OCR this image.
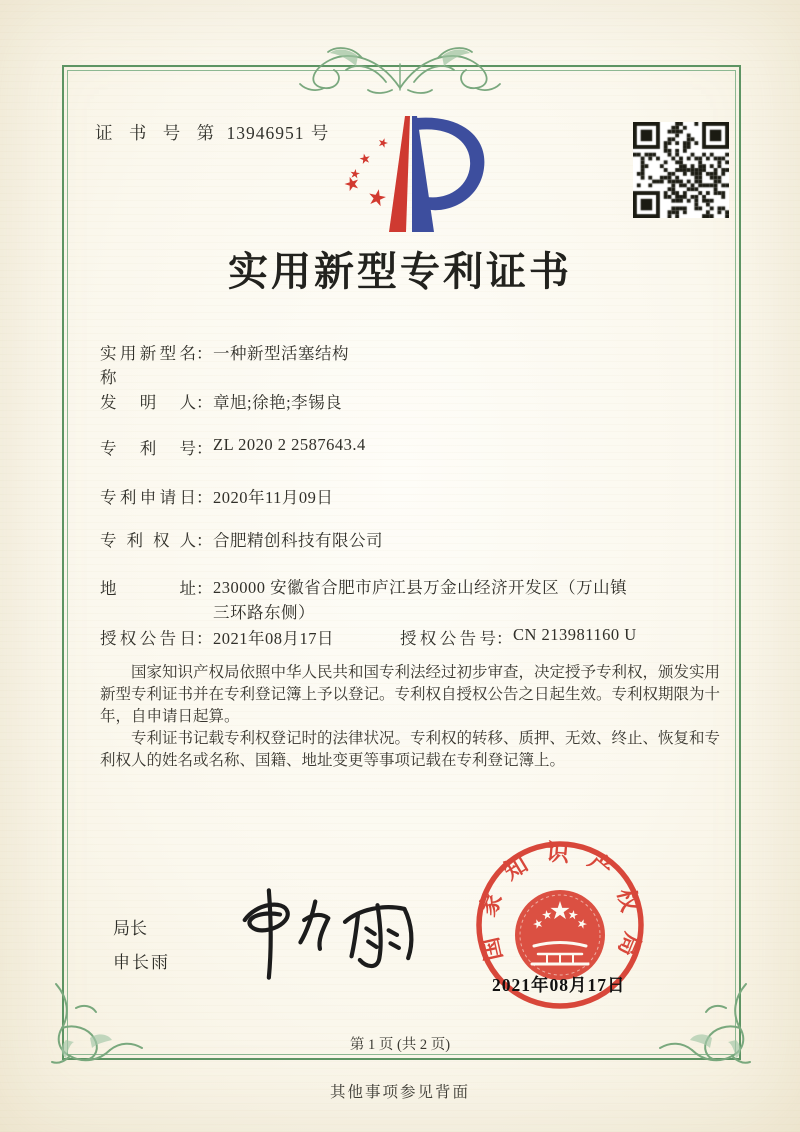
证 书 号 第 13946951 号
实用新型专利证书
实用新型名称
： 一种新型活塞结构
发明人 ： 章旭;徐艳;李锡良
专利号 ： ZL 2020 2 2587643.4
专利申请日 ： 2020年11月09日
专利权人 ： 合肥精创科技有限公司
地址 ： 230000 安徽省合肥市庐江县万金山经济开发区（万山镇三环路东侧）
授权公告日 ： 2021年08月17日	授权公告号 ： CN 213981160 U

国家知识产权局依照中华人民共和国专利法经过初步审查，决定授予专利权，颁发实用新型专利证书并在专利登记簿上予以登记。专利权自授权公告之日起生效。专利权期限为十年，自申请日起算。

专利证书记载专利权登记时的法律状况。专利权的转移、质押、无效、终止、恢复和专利权人的姓名或名称、国籍、地址变更等事项记载在专利登记簿上。

局长
申长雨	国家知识产权局
2021年08月17日
第 1 页 (共 2 页)
其他事项参见背面
